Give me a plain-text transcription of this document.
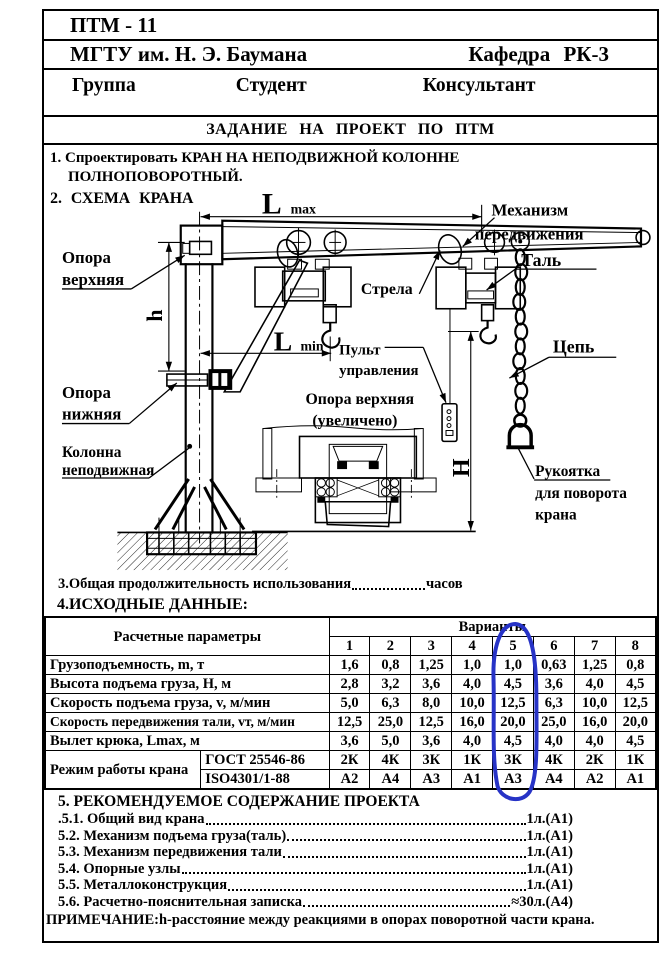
ПТМ - 11
МГТУ им. Н. Э. Баумана	Кафедра РК-3
Группа	Студент	Консультант
ЗАДАНИЕ НА ПРОЕКТ ПО ПТМ
1. Спроектировать КРАН НА НЕПОДВИЖНОЙ КОЛОННЕ
ПОЛНОПОВОРОТНЫЙ.
2. СХЕМА КРАНА L max
L min
h
H
Опора
верхняя
Опора
нижняя
Колонна
неподвижная
Стрела
Механизм
передвижения
Таль
Цепь
Пульт
управления
Рукоятка
для поворота
крана
Опора верхняя
(увеличено)
3.Общая продолжительность использования	часов
4.ИСХОДНЫЕ ДАННЫЕ:
Расчетные параметры		Варианты							
		1	2	3	4	5	6	7	8
Грузоподъемность, m, т		1,6	0,8	1,25	1,0	1,0	0,63	1,25	0,8
Высота подъема груза, Н, м		2,8	3,2	3,6	4,0	4,5	3,6	4,0	4,5
Скорость подъема груза, v, м/мин		5,0	6,3	8,0	10,0	12,5	6,3	10,0	12,5
Скорость передвижения тали, vт, м/мин		12,5	25,0	12,5	16,0	20,0	25,0	16,0	20,0
Вылет крюка, Lmax, м		3,6	5,0	3,6	4,0	4,5	4,0	4,0	4,5
Режим работы крана	ГОСТ 25546-86	2К	4К	3К	1К	3К	4К	2К	1К
	ISO4301/1-88	А2	А4	А3	А1	А3	А4	А2	А1
5. РЕКОМЕНДУЕМОЕ СОДЕРЖАНИЕ ПРОЕКТА
.5.1. Общий вид крана	1л.(А1)
5.2. Механизм подъема груза(таль)	1л.(А1)
5.3. Механизм передвижения тали	1л.(А1)
5.4. Опорные узлы	1л.(А1)
5.5. Металлоконструкция	1л.(А1)
5.6. Расчетно-пояснительная записка	≈30л.(А4)
ПРИМЕЧАНИЕ:h-расстояние между реакциями в опорах поворотной части крана.
